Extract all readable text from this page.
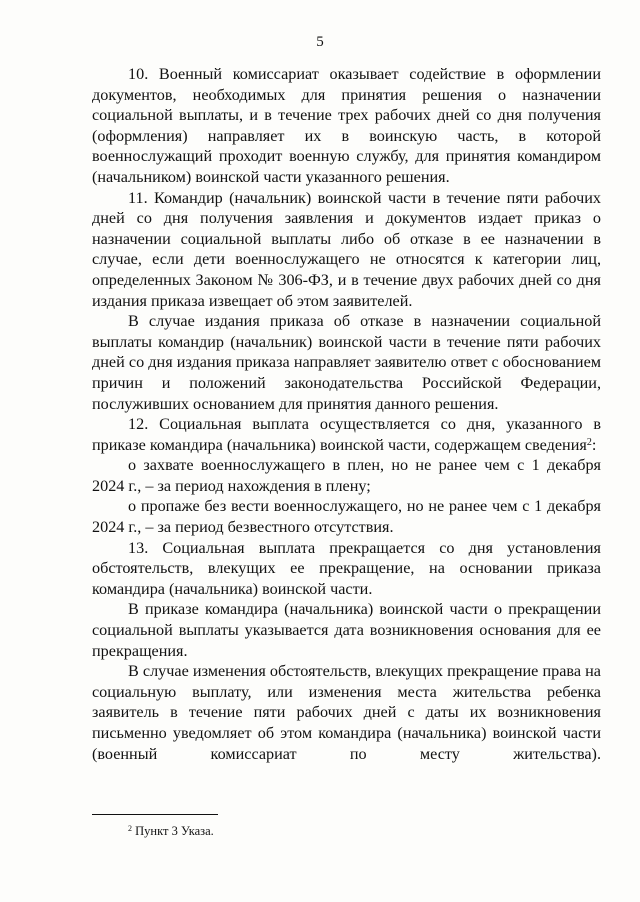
5

10. Военный комиссариат оказывает содействие в оформлении документов, необходимых для принятия решения о назначении социальной выплаты, и в течение трех рабочих дней со дня получения (оформления) направляет их в воинскую часть, в которой военнослужащий проходит военную службу, для принятия командиром (начальником) воинской части указанного решения.

11. Командир (начальник) воинской части в течение пяти рабочих дней со дня получения заявления и документов издает приказ о назначении социальной выплаты либо об отказе в ее назначении в случае, если дети военнослужащего не относятся к категории лиц, определенных Законом № 306-ФЗ, и в течение двух рабочих дней со дня издания приказа извещает об этом заявителей.

В случае издания приказа об отказе в назначении социальной выплаты командир (начальник) воинской части в течение пяти рабочих дней со дня издания приказа направляет заявителю ответ с обоснованием причин и положений законодательства Российской Федерации, послуживших основанием для принятия данного решения.

12. Социальная выплата осуществляется со дня, указанного в приказе командира (начальника) воинской части, содержащем сведения$^2$:

о захвате военнослужащего в плен, но не ранее чем с 1 декабря 2024 г., – за период нахождения в плену;

о пропаже без вести военнослужащего, но не ранее чем с 1 декабря 2024 г., – за период безвестного отсутствия.

13. Социальная выплата прекращается со дня установления обстоятельств, влекущих ее прекращение, на основании приказа командира (начальника) воинской части.

В приказе командира (начальника) воинской части о прекращении социальной выплаты указывается дата возникновения основания для ее прекращения.

В случае изменения обстоятельств, влекущих прекращение права на социальную выплату, или изменения места жительства ребенка заявитель в течение пяти рабочих дней с даты их возникновения письменно уведомляет об этом командира (начальника) воинской части (военный комиссариат по месту жительства).

$^2$ Пункт 3 Указа.
